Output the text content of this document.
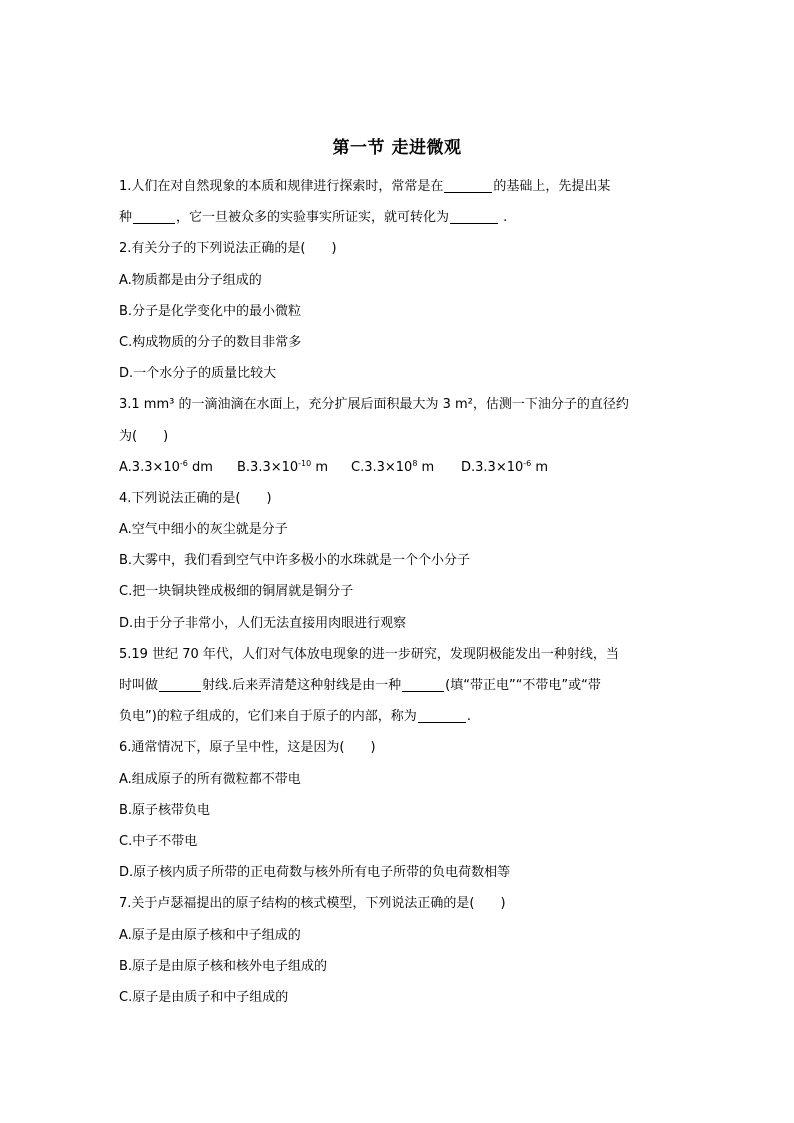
第一节 走进微观
1.人们在对自然现象的本质和规律进行探索时，常常是在	的基础上，先提出某
种	，它一旦被众多的实验事实所证实，就可转化为	.
2.有关分子的下列说法正确的是(　　)
A.物质都是由分子组成的
B.分子是化学变化中的最小微粒
C.构成物质的分子的数目非常多
D.一个水分子的质量比较大
3.1 mm³ 的一滴油滴在水面上，充分扩展后面积最大为 3 m²，估测一下油分子的直径约
为(　　)
$A.3.3\times 10^{-6}$ dm $B.3.3\times 10^{-10}$ m $C.3.3\times 10^8$ m $D.3.3\times 10^{-6}$ m
4.下列说法正确的是(　　)
A.空气中细小的灰尘就是分子
B.大雾中，我们看到空气中许多极小的水珠就是一个个小分子
C.把一块铜块锉成极细的铜屑就是铜分子
D.由于分子非常小，人们无法直接用肉眼进行观察
5.19 世纪 70 年代，人们对气体放电现象的进一步研究，发现阴极能发出一种射线，当
时叫做	射线.后来弄清楚这种射线是由一种	(填“带正电”“不带电”或“带
负电”)的粒子组成的，它们来自于原子的内部，称为	.
6.通常情况下，原子呈中性，这是因为(　　)
A.组成原子的所有微粒都不带电
B.原子核带负电
C.中子不带电
D.原子核内质子所带的正电荷数与核外所有电子所带的负电荷数相等
7.关于卢瑟福提出的原子结构的核式模型，下列说法正确的是(　　)
A.原子是由原子核和中子组成的
B.原子是由原子核和核外电子组成的
C.原子是由质子和中子组成的
